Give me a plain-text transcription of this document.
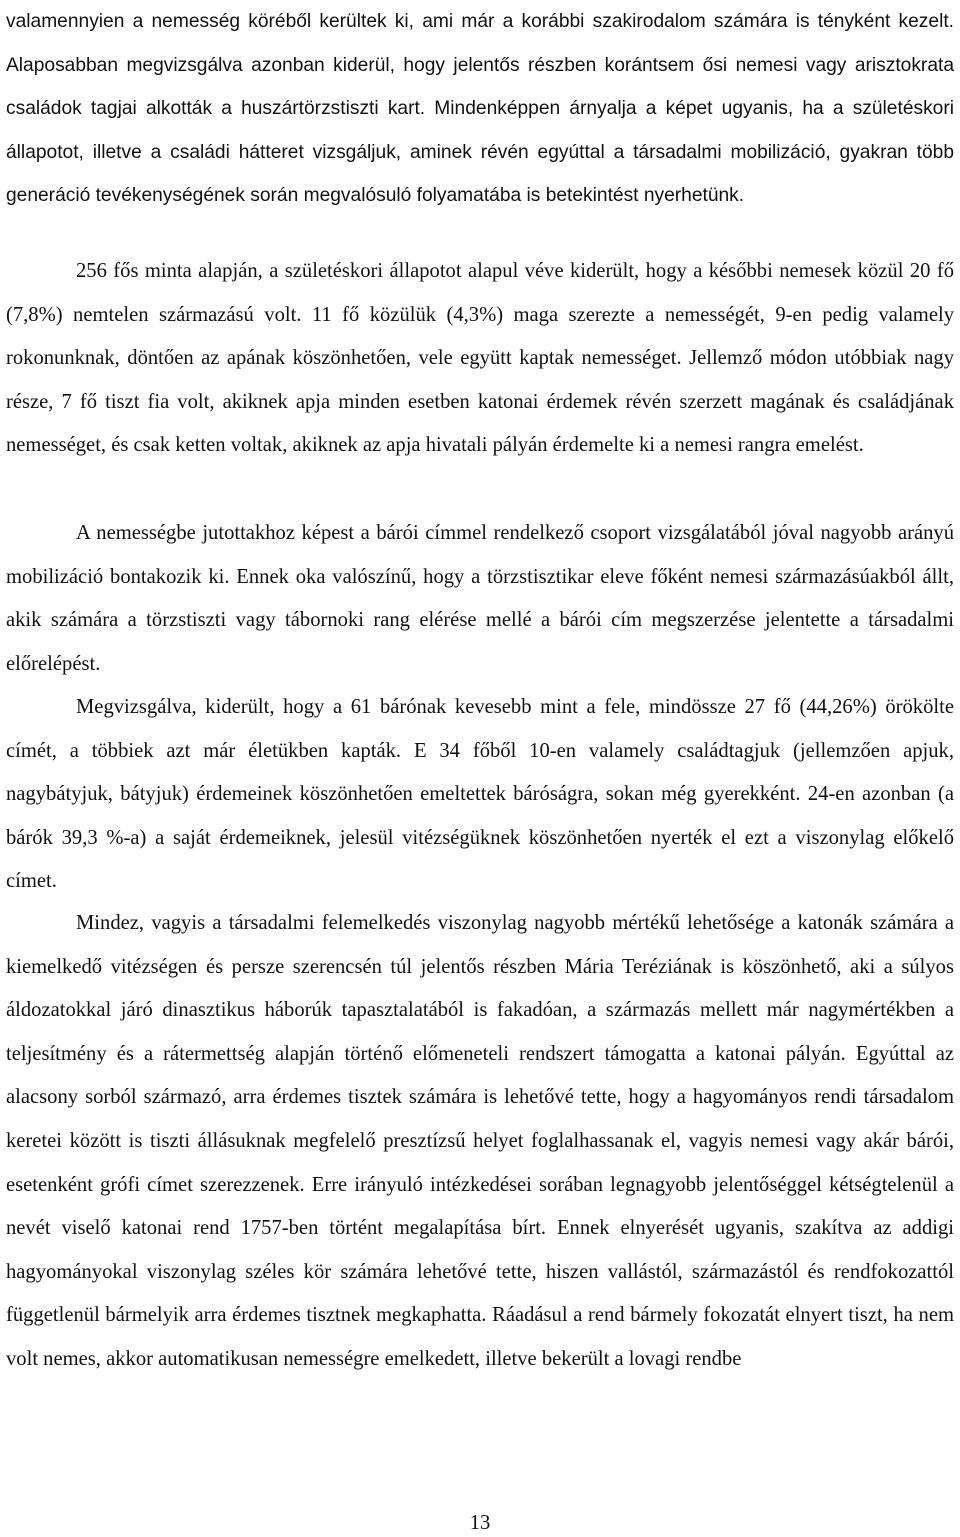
valamennyien a nemesség köréből kerültek ki, ami már a korábbi szakirodalom számára is tényként kezelt. Alaposabban megvizsgálva azonban kiderül, hogy jelentős részben korántsem ősi nemesi vagy arisztokrata családok tagjai alkották a huszártörzstiszti kart. Mindenképpen árnyalja a képet ugyanis, ha a születéskori állapotot, illetve a családi hátteret vizsgáljuk, aminek révén egyúttal a társadalmi mobilizáció, gyakran több generáció tevékenységének során megvalósuló folyamatába is betekintést nyerhetünk.

256 fős minta alapján, a születéskori állapotot alapul véve kiderült, hogy a későbbi nemesek közül 20 fő (7,8%) nemtelen származású volt. 11 fő közülük (4,3%) maga szerezte a nemességét, 9-en pedig valamely rokonunknak, döntően az apának köszönhetően, vele együtt kaptak nemességet. Jellemző módon utóbbiak nagy része, 7 fő tiszt fia volt, akiknek apja minden esetben katonai érdemek révén szerzett magának és családjának nemességet, és csak ketten voltak, akiknek az apja hivatali pályán érdemelte ki a nemesi rangra emelést.

A nemességbe jutottakhoz képest a bárói címmel rendelkező csoport vizsgálatából jóval nagyobb arányú mobilizáció bontakozik ki. Ennek oka valószínű, hogy a törzstisztikar eleve főként nemesi származásúakból állt, akik számára a törzstiszti vagy tábornoki rang elérése mellé a bárói cím megszerzése jelentette a társadalmi előrelépést.

Megvizsgálva, kiderült, hogy a 61 bárónak kevesebb mint a fele, mindössze 27 fő (44,26%) örökölte címét, a többiek azt már életükben kapták. E 34 főből 10-en valamely családtagjuk (jellemzően apjuk, nagybátyjuk, bátyjuk) érdemeinek köszönhetően emeltettek báróságra, sokan még gyerekként. 24-en azonban (a bárók 39,3 %-a) a saját érdemeiknek, jelesül vitézségüknek köszönhetően nyerték el ezt a viszonylag előkelő címet.

Mindez, vagyis a társadalmi felemelkedés viszonylag nagyobb mértékű lehetősége a katonák számára a kiemelkedő vitézségen és persze szerencsén túl jelentős részben Mária Teréziának is köszönhető, aki a súlyos áldozatokkal járó dinasztikus háborúk tapasztalatából is fakadóan, a származás mellett már nagymértékben a teljesítmény és a rátermettség alapján történő előmeneteli rendszert támogatta a katonai pályán. Egyúttal az alacsony sorból származó, arra érdemes tisztek számára is lehetővé tette, hogy a hagyományos rendi társadalom keretei között is tiszti állásuknak megfelelő presztízsű helyet foglalhassanak el, vagyis nemesi vagy akár bárói, esetenként grófi címet szerezzenek. Erre irányuló intézkedései sorában legnagyobb jelentőséggel kétségtelenül a nevét viselő katonai rend 1757-ben történt megalapítása bírt. Ennek elnyerését ugyanis, szakítva az addigi hagyományokal viszonylag széles kör számára lehetővé tette, hiszen vallástól, származástól és rendfokozattól függetlenül bármelyik arra érdemes tisztnek megkaphatta. Ráadásul a rend bármely fokozatát elnyert tiszt, ha nem volt nemes, akkor automatikusan nemességre emelkedett, illetve bekerült a lovagi rendbe

13
